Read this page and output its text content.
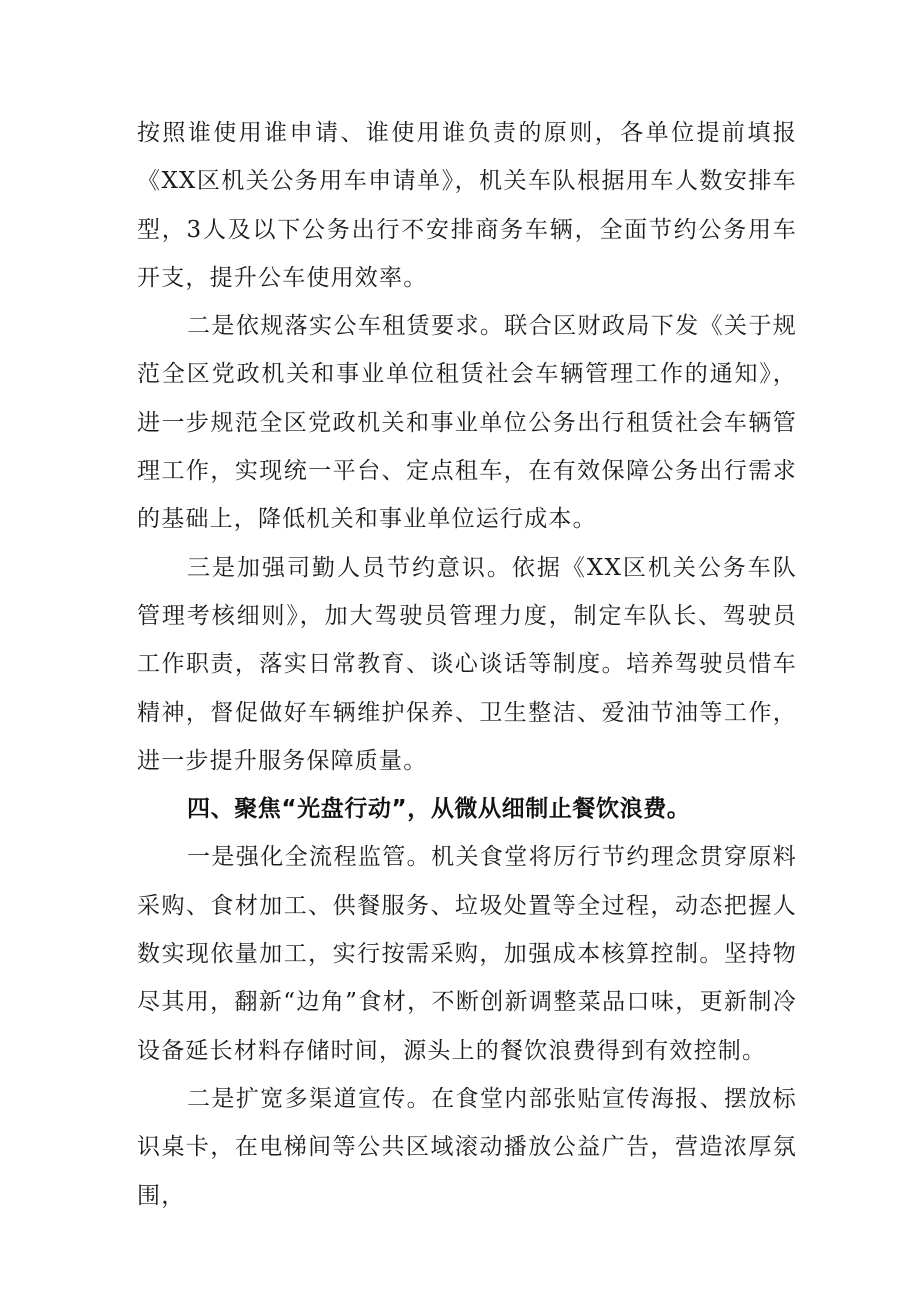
按照谁使用谁申请、谁使用谁负责的原则，各单位提前填报《XX区机关公务用车申请单》，机关车队根据用车人数安排车型，3人及以下公务出行不安排商务车辆，全面节约公务用车开支，提升公车使用效率。

二是依规落实公车租赁要求。联合区财政局下发《关于规范全区党政机关和事业单位租赁社会车辆管理工作的通知》，进一步规范全区党政机关和事业单位公务出行租赁社会车辆管理工作，实现统一平台、定点租车，在有效保障公务出行需求的基础上，降低机关和事业单位运行成本。

三是加强司勤人员节约意识。依据《XX区机关公务车队管理考核细则》，加大驾驶员管理力度，制定车队长、驾驶员工作职责，落实日常教育、谈心谈话等制度。培养驾驶员惜车精神，督促做好车辆维护保养、卫生整洁、爱油节油等工作，进一步提升服务保障质量。

四、聚焦“光盘行动”，从微从细制止餐饮浪费。

一是强化全流程监管。机关食堂将厉行节约理念贯穿原料采购、食材加工、供餐服务、垃圾处置等全过程，动态把握人数实现依量加工，实行按需采购，加强成本核算控制。坚持物尽其用，翻新“边角”食材，不断创新调整菜品口味，更新制冷设备延长材料存储时间，源头上的餐饮浪费得到有效控制。

二是扩宽多渠道宣传。在食堂内部张贴宣传海报、摆放标识桌卡，在电梯间等公共区域滚动播放公益广告，营造浓厚氛围，
